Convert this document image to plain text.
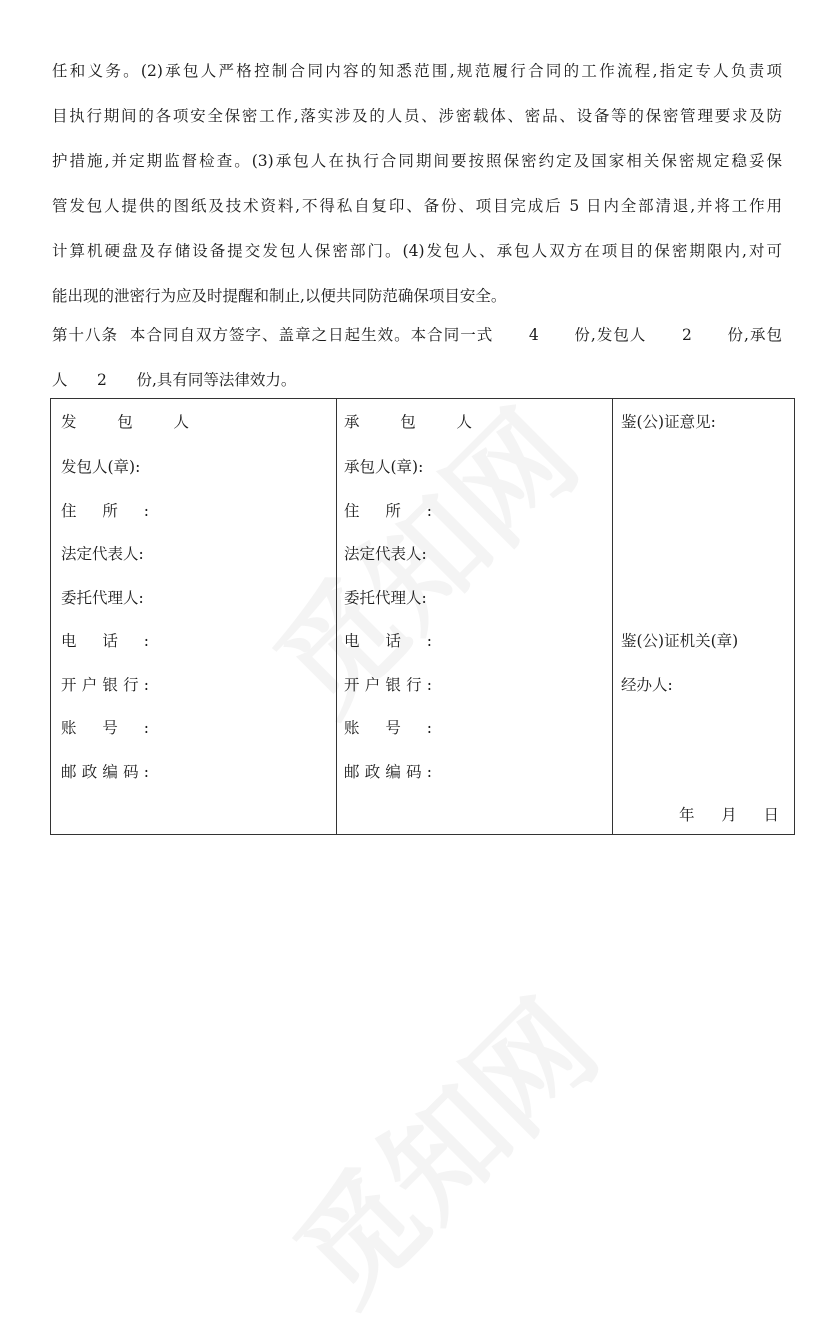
任和义务。(2)承包人严格控制合同内容的知悉范围,规范履行合同的工作流程,指定专人负责项
目执行期间的各项安全保密工作,落实涉及的人员、涉密载体、密品、设备等的保密管理要求及防
护措施,并定期监督检查。(3)承包人在执行合同期间要按照保密约定及国家相关保密规定稳妥保
管发包人提供的图纸及技术资料,不得私自复印、备份、项目完成后 5 日内全部清退,并将工作用
计算机硬盘及存储设备提交发包人保密部门。(4)发包人、承包人双方在项目的保密期限内,对可
能出现的泄密行为应及时提醒和制止,以便共同防范确保项目安全。
第十八条  本合同自双方签字、盖章之日起生效。本合同一式      4      份,发包人      2      份,承包
人      2      份,具有同等法律效力。
发包人
发包人(章):
住所:
法定代表人:
委托代理人:
电话:
开户银行:
账号:
邮政编码:
承包人
承包人(章):
住所:
法定代表人:
委托代理人:
电话:
开户银行:
账号:
邮政编码:
鉴(公)证意见:
鉴(公)证机关(章)
经办人:
年 月 日
